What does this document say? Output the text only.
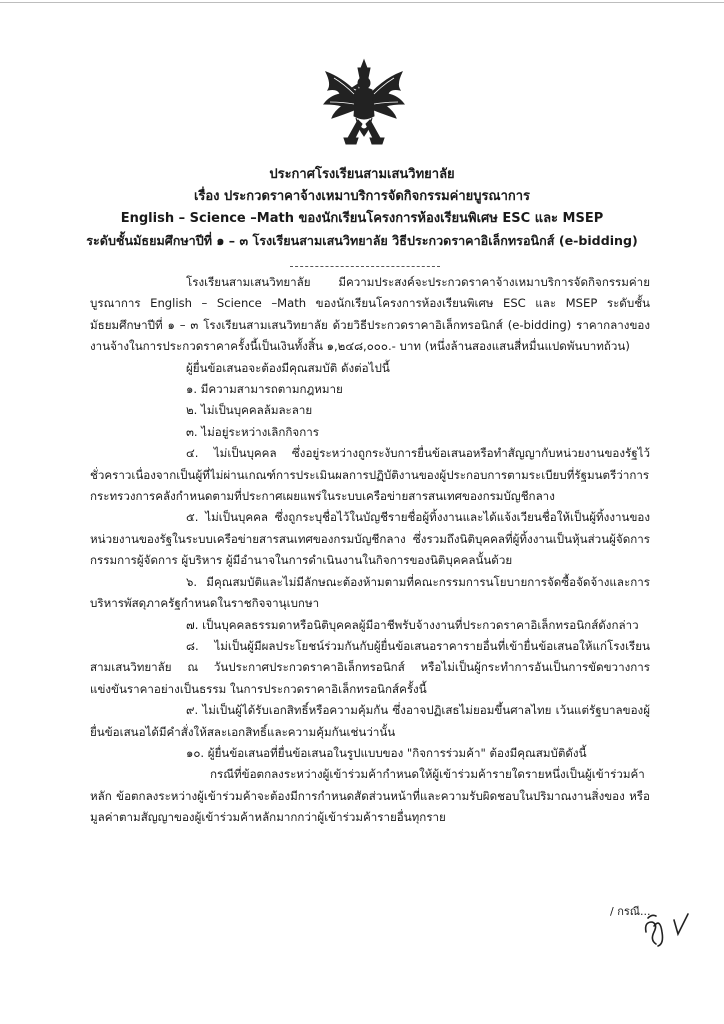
ประกาศโรงเรียนสามเสนวิทยาลัย
เรื่อง ประกวดราคาจ้างเหมาบริการจัดกิจกรรมค่ายบูรณาการ
English – Science –Math ของนักเรียนโครงการห้องเรียนพิเศษ ESC และ MSEP
ระดับชั้นมัธยมศึกษาปีที่ ๑ – ๓ โรงเรียนสามเสนวิทยาลัย วิธีประกวดราคาอิเล็กทรอนิกส์ (e-bidding)

โรงเรียนสามเสนวิทยาลัย มีความประสงค์จะประกวดราคาจ้างเหมาบริการจัดกิจกรรมค่ายบูรณาการ English – Science –Math ของนักเรียนโครงการห้องเรียนพิเศษ ESC และ MSEP ระดับชั้นมัธยมศึกษาปีที่ ๑ – ๓ โรงเรียนสามเสนวิทยาลัย ด้วยวิธีประกวดราคาอิเล็กทรอนิกส์ (e-bidding) ราคากลางของงานจ้างในการประกวดราคาครั้งนี้เป็นเงินทั้งสิ้น ๑,๒๔๘,๐๐๐.- บาท (หนึ่งล้านสองแสนสี่หมื่นแปดพันบาทถ้วน)

ผู้ยื่นข้อเสนอจะต้องมีคุณสมบัติ ดังต่อไปนี้

๑. มีความสามารถตามกฎหมาย

๒. ไม่เป็นบุคคลล้มละลาย

๓. ไม่อยู่ระหว่างเลิกกิจการ

๔. ไม่เป็นบุคคล ซึ่งอยู่ระหว่างถูกระงับการยื่นข้อเสนอหรือทำสัญญากับหน่วยงานของรัฐไว้ชั่วคราวเนื่องจากเป็นผู้ที่ไม่ผ่านเกณฑ์การประเมินผลการปฏิบัติงานของผู้ประกอบการตามระเบียบที่รัฐมนตรีว่าการกระทรวงการคลังกำหนดตามที่ประกาศเผยแพร่ในระบบเครือข่ายสารสนเทศของกรมบัญชีกลาง

๕. ไม่เป็นบุคคล ซึ่งถูกระบุชื่อไว้ในบัญชีรายชื่อผู้ทิ้งงานและได้แจ้งเวียนชื่อให้เป็นผู้ทิ้งงานของหน่วยงานของรัฐในระบบเครือข่ายสารสนเทศของกรมบัญชีกลาง ซึ่งรวมถึงนิติบุคคลที่ผู้ทิ้งงานเป็นหุ้นส่วนผู้จัดการ กรรมการผู้จัดการ ผู้บริหาร ผู้มีอำนาจในการดำเนินงานในกิจการของนิติบุคคลนั้นด้วย

๖. มีคุณสมบัติและไม่มีลักษณะต้องห้ามตามที่คณะกรรมการนโยบายการจัดซื้อจัดจ้างและการบริหารพัสดุภาครัฐกำหนดในราชกิจจานุเบกษา

๗. เป็นบุคคลธรรมดาหรือนิติบุคคลผู้มีอาชีพรับจ้างงานที่ประกวดราคาอิเล็กทรอนิกส์ดังกล่าว

๘. ไม่เป็นผู้มีผลประโยชน์ร่วมกันกับผู้ยื่นข้อเสนอราคารายอื่นที่เข้ายื่นข้อเสนอให้แก่โรงเรียนสามเสนวิทยาลัย ณ วันประกาศประกวดราคาอิเล็กทรอนิกส์ หรือไม่เป็นผู้กระทำการอันเป็นการขัดขวางการแข่งขันราคาอย่างเป็นธรรม ในการประกวดราคาอิเล็กทรอนิกส์ครั้งนี้

๙. ไม่เป็นผู้ได้รับเอกสิทธิ์หรือความคุ้มกัน ซึ่งอาจปฏิเสธไม่ยอมขึ้นศาลไทย เว้นแต่รัฐบาลของผู้ยื่นข้อเสนอได้มีคำสั่งให้สละเอกสิทธิ์และความคุ้มกันเช่นว่านั้น

๑๐. ผู้ยื่นข้อเสนอที่ยื่นข้อเสนอในรูปแบบของ "กิจการร่วมค้า" ต้องมีคุณสมบัติดังนี้

กรณีที่ข้อตกลงระหว่างผู้เข้าร่วมค้ากำหนดให้ผู้เข้าร่วมค้ารายใดรายหนึ่งเป็นผู้เข้าร่วมค้าหลัก ข้อตกลงระหว่างผู้เข้าร่วมค้าจะต้องมีการกำหนดสัดส่วนหน้าที่และความรับผิดชอบในปริมาณงานสิ่งของ หรือมูลค่าตามสัญญาของผู้เข้าร่วมค้าหลักมากกว่าผู้เข้าร่วมค้ารายอื่นทุกราย

/ กรณี...
